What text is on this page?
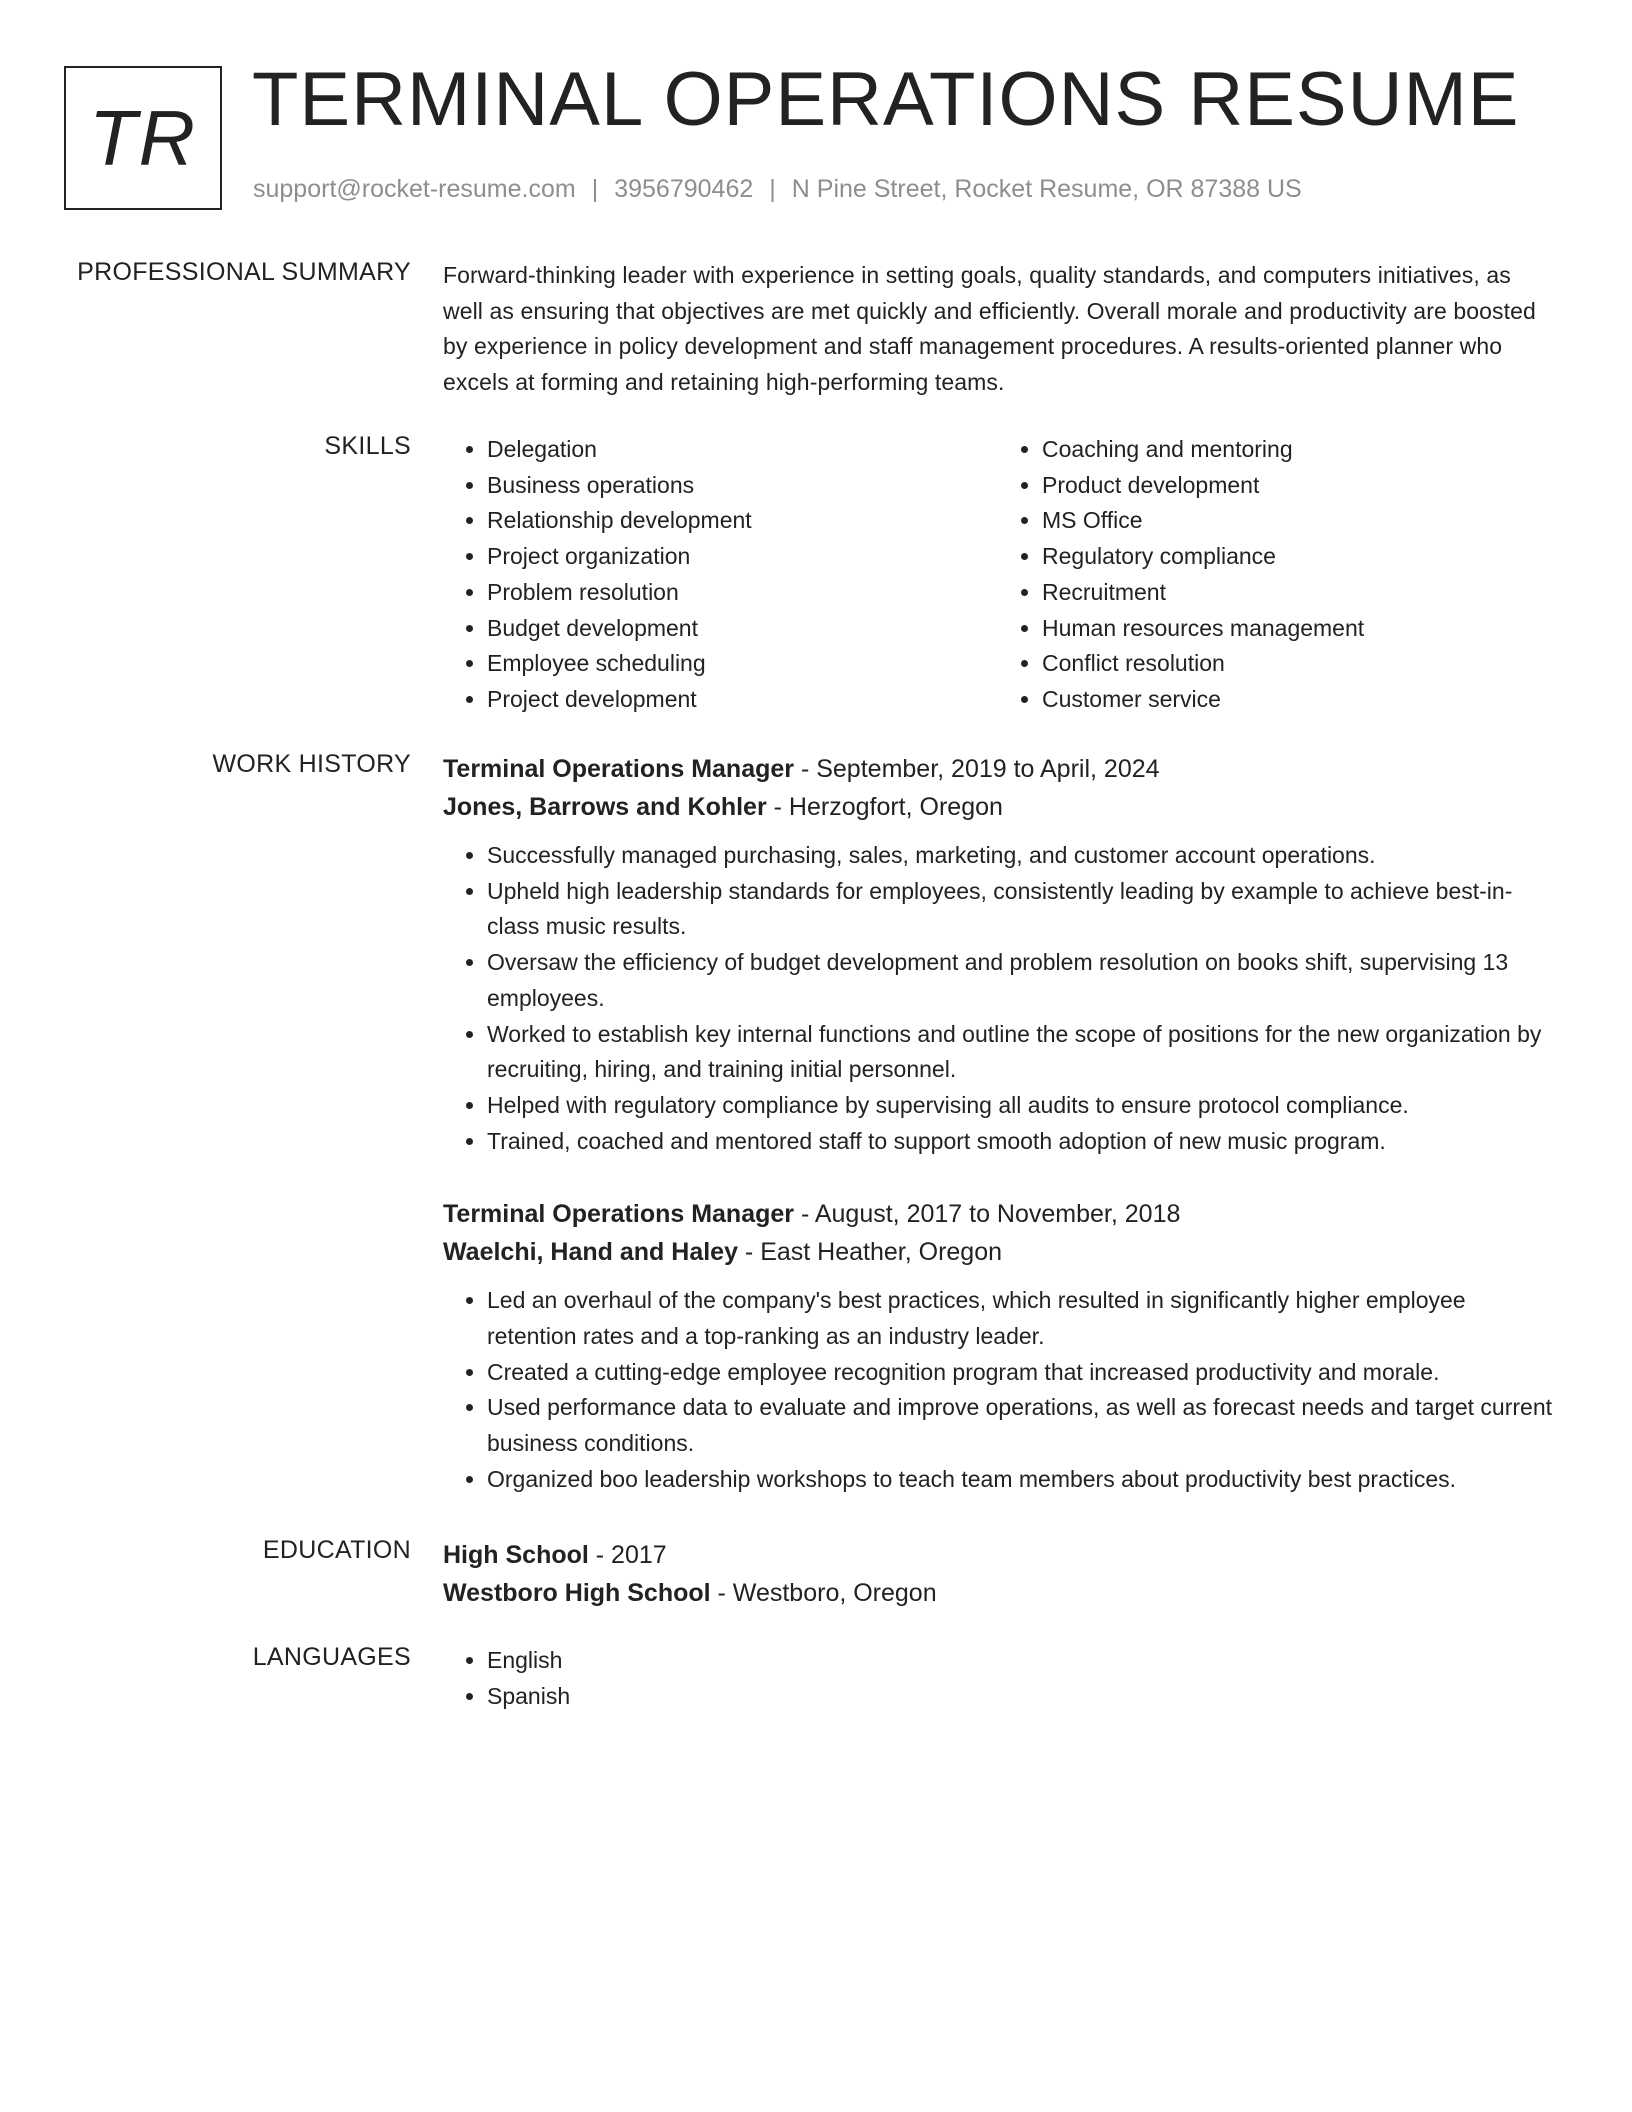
TR TERMINAL OPERATIONS RESUME
support@rocket-resume.com | 3956790462 | N Pine Street, Rocket Resume, OR 87388 US
PROFESSIONAL SUMMARY Forward-thinking leader with experience in setting goals, quality standards, and computers initiatives, as well as ensuring that objectives are met quickly and efficiently. Overall morale and productivity are boosted by experience in policy development and staff management procedures. A results-oriented planner who excels at forming and retaining high-performing teams.

SKILLS	• Delegation
• Business operations
• Relationship development
• Project organization
• Problem resolution
• Budget development
• Employee scheduling
• Project development
• Coaching and mentoring
• Product development
• MS Office
• Regulatory compliance
• Recruitment
• Human resources management
• Conflict resolution
• Customer service
WORK HISTORY Terminal Operations Manager - September, 2019 to April, 2024
Jones, Barrows and Kohler - Herzogfort, Oregon
• Successfully managed purchasing, sales, marketing, and customer account operations.
• Upheld high leadership standards for employees, consistently leading by example to achieve best-in-class music results.
• Oversaw the efficiency of budget development and problem resolution on books shift, supervising 13 employees.
• Worked to establish key internal functions and outline the scope of positions for the new organization by recruiting, hiring, and training initial personnel.
• Helped with regulatory compliance by supervising all audits to ensure protocol compliance.
• Trained, coached and mentored staff to support smooth adoption of new music program.
Terminal Operations Manager - August, 2017 to November, 2018
Waelchi, Hand and Haley - East Heather, Oregon
• Led an overhaul of the company's best practices, which resulted in significantly higher employee retention rates and a top-ranking as an industry leader.
• Created a cutting-edge employee recognition program that increased productivity and morale.
• Used performance data to evaluate and improve operations, as well as forecast needs and target current business conditions.
• Organized boo leadership workshops to teach team members about productivity best practices.
EDUCATION High School - 2017
Westboro High School - Westboro, Oregon
LANGUAGES	• English
• Spanish
